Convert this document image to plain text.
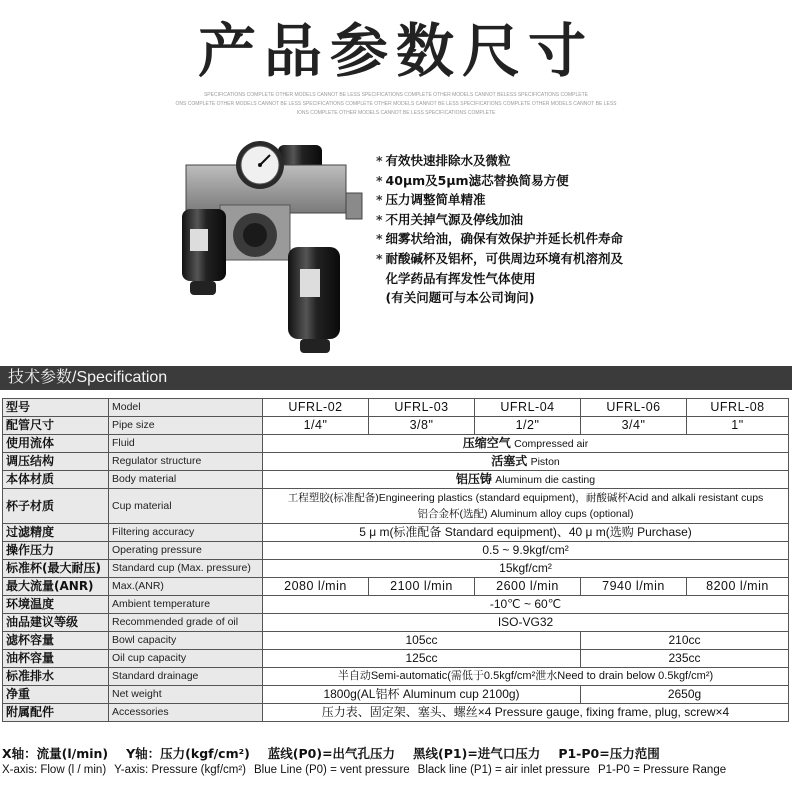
产品参数尺寸
SPECIFICATIONS COMPLETE OTHER MODELS CANNOT BE LESS SPECIFICATIONS COMPLETE OTHER MODELS CANNOT BELESS SPECIFICATIONS COMPLETE
ONS COMPLETE OTHER MODELS CANNOT BE LESS SPECIFICATIONS COMPLETE OTHER MODELS CANNOT BE LESS SPECIFICATIONS COMPLETE OTHER MODELS CANNOT BE LESS
IONS COMPLETE OTHER MODELS CANNOT BE LESS SPECIFICATIONS COMPLETE
* 有效快速排除水及微粒
* 40μm及5μm滤芯替换简易方便
* 压力调整简单精准
* 不用关掉气源及停线加油
* 细雾状给油，确保有效保护并延长机件寿命
* 耐酸碱杯及铝杯，可供周边环境有机溶剂及
化学药品有挥发性气体使用
(有关问题可与本公司询问)
技术参数/Specification
型号	Model	UFRL-02	UFRL-03	UFRL-04	UFRL-06	UFRL-08
配管尺寸	Pipe size	1/4"	3/8"	1/2"	3/4"	1"
使用流体	Fluid	压缩空气 Compressed air				
调压结构	Regulator structure	活塞式 Piston				
本体材质	Body material	铝压铸 Aluminum die casting				
杯子材质	Cup material	工程塑胶(标准配备)Engineering plastics (standard equipment)，耐酸碱杯Acid and alkali resistant cups
铝合金杯(选配) Aluminum alloy cups (optional)				

过滤精度	Filtering accuracy	5 μ m(标准配备 Standard equipment)、40 μ m(选购 Purchase)				
操作压力	Operating pressure	0.5 ~ 9.9kgf/cm²				
标准杯(最大耐压)	Standard cup (Max. pressure)	15kgf/cm²				
最大流量(ANR)	Max.(ANR)	2080 l/min	2100 l/min	2600 l/min	7940 l/min	8200 l/min
环境温度	Ambient temperature	-10℃ ~ 60℃				
油品建议等级	Recommended grade of oil	ISO-VG32				
滤杯容量	Bowl capacity	105cc			210cc	
油杯容量	Oil cup capacity	125cc			235cc	
标准排水	Standard drainage	半自动Semi-automatic(需低于0.5kgf/cm²泄水Need to drain below 0.5kgf/cm²)				
净重	Net weight	1800g(AL铝杯 Aluminum cup 2100g)			2650g	
附属配件	Accessories	压力表、固定架、塞头、螺丝×4 Pressure gauge, fixing frame, plug, screw×4				
X轴：流量(l/min) Y轴：压力(kgf/cm²) 蓝线(P0)=出气孔压力 黑线(P1)=进气口压力 P1-P0=压力范围
X-axis: Flow (l / min) Y-axis: Pressure (kgf/cm²) Blue Line (P0) = vent pressure Black line (P1) = air inlet pressure P1-P0 = Pressure Range
